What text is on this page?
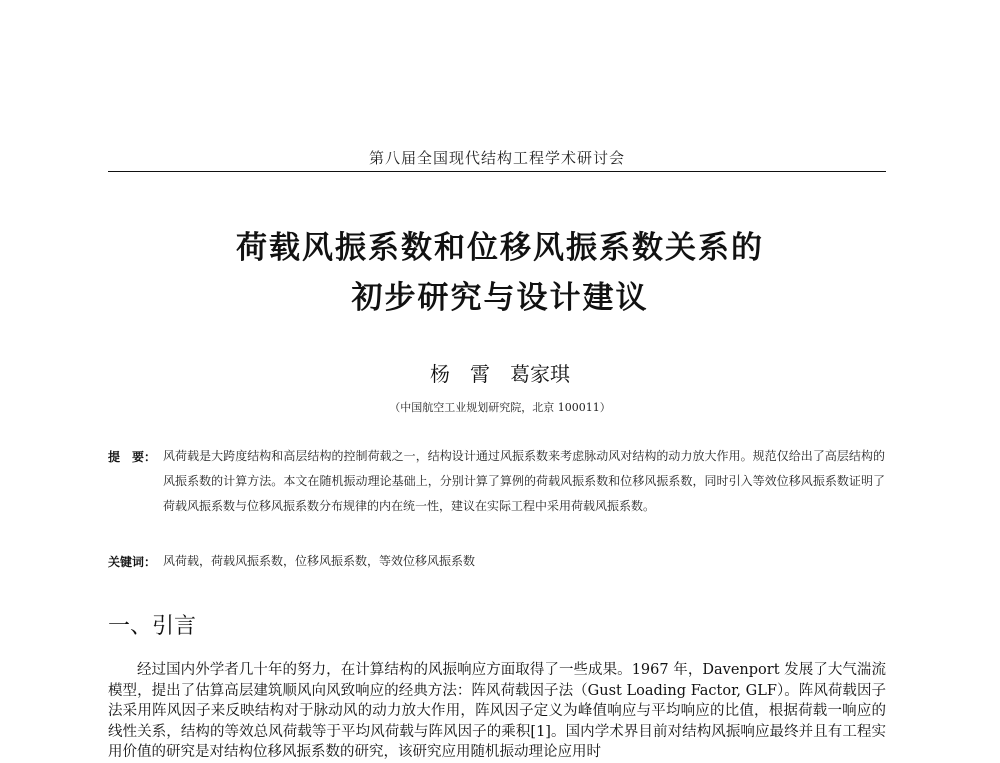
第八届全国现代结构工程学术研讨会
荷载风振系数和位移风振系数关系的
初步研究与设计建议
杨　霄　葛家琪
（中国航空工业规划研究院，北京 100011）
提　要： 风荷载是大跨度结构和高层结构的控制荷载之一，结构设计通过风振系数来考虑脉动风对结构的动力放大作用。规范仅给出了高层结构的风振系数的计算方法。本文在随机振动理论基础上，分别计算了算例的荷载风振系数和位移风振系数，同时引入等效位移风振系数证明了荷载风振系数与位移风振系数分布规律的内在统一性，建议在实际工程中采用荷载风振系数。
关键词： 风荷载，荷载风振系数，位移风振系数，等效位移风振系数
一、引言
经过国内外学者几十年的努力，在计算结构的风振响应方面取得了一些成果。1967 年，Davenport 发展了大气湍流模型，提出了估算高层建筑顺风向风致响应的经典方法：阵风荷载因子法（Gust Loading Factor, GLF）。阵风荷载因子法采用阵风因子来反映结构对于脉动风的动力放大作用，阵风因子定义为峰值响应与平均响应的比值，根据荷载一响应的线性关系，结构的等效总风荷载等于平均风荷载与阵风因子的乘积[1]。国内学术界目前对结构风振响应最终并且有工程实用价值的研究是对结构位移风振系数的研究，该研究应用随机振动理论应用时
